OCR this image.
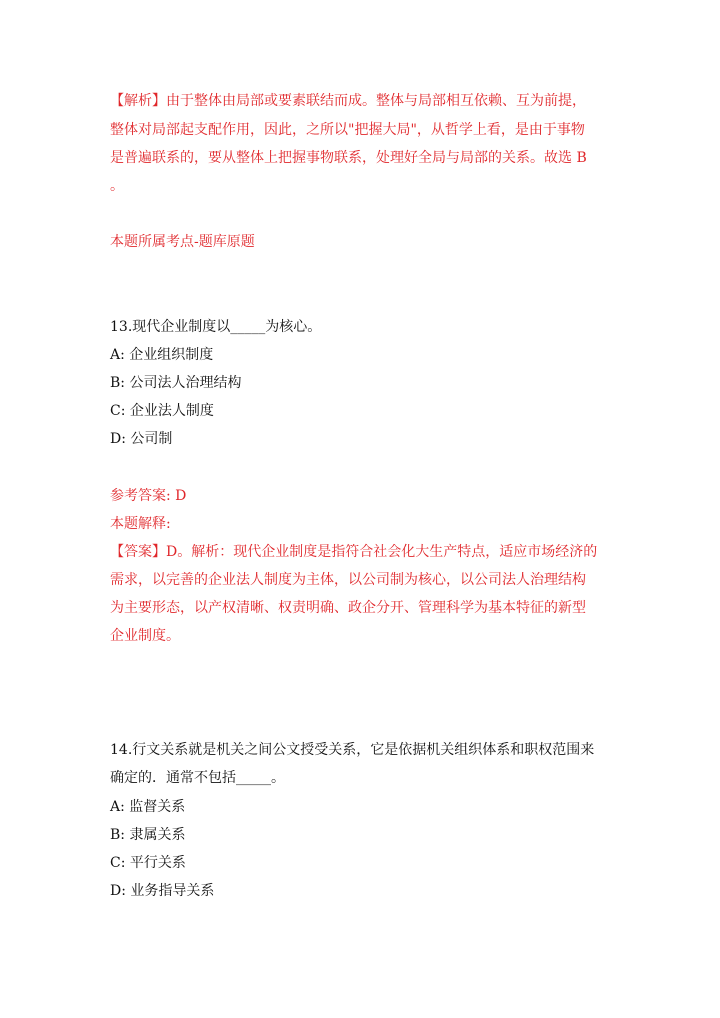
【解析】由于整体由局部或要素联结而成。整体与局部相互依赖、互为前提，
整体对局部起支配作用，因此，之所以"把握大局"，从哲学上看，是由于事物
是普遍联系的，要从整体上把握事物联系，处理好全局与局部的关系。故选 B
。
本题所属考点-题库原题
13.现代企业制度以_____为核心。
A: 企业组织制度
B: 公司法人治理结构
C: 企业法人制度
D: 公司制
参考答案: D
本题解释:
【答案】D。解析：现代企业制度是指符合社会化大生产特点，适应市场经济的
需求，以完善的企业法人制度为主体，以公司制为核心，以公司法人治理结构
为主要形态，以产权清晰、权责明确、政企分开、管理科学为基本特征的新型
企业制度。
14.行文关系就是机关之间公文授受关系，它是依据机关组织体系和职权范围来
确定的．通常不包括_____。
A: 监督关系
B: 隶属关系
C: 平行关系
D: 业务指导关系
